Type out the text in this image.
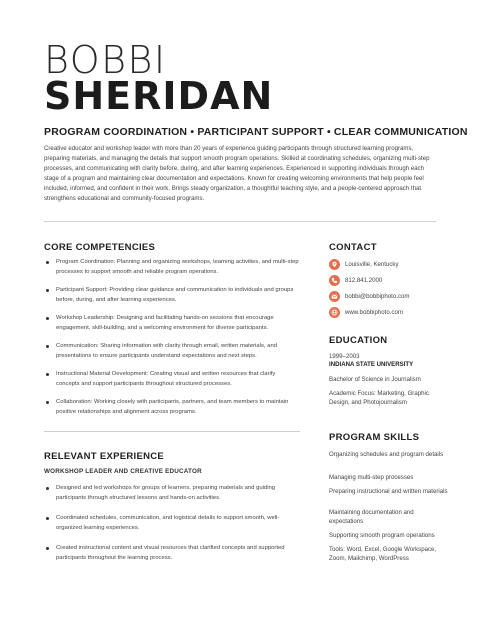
BOBBI
SHERIDAN
PROGRAM COORDINATION • PARTICIPANT SUPPORT • CLEAR COMMUNICATION
Creative educator and workshop leader with more than 20 years of experience guiding participants through structured learning programs, preparing materials, and managing the details that support smooth program operations. Skilled at coordinating schedules, organizing multi-step processes, and communicating with clarity before, during, and after learning experiences. Experienced in supporting individuals through each stage of a program and maintaining clear documentation and expectations. Known for creating welcoming environments that help people feel included, informed, and confident in their work. Brings steady organization, a thoughtful teaching style, and a people-centered approach that strengthens educational and community-focused programs.
CORE COMPETENCIES
Program Coordination: Planning and organizing workshops, learning activities, and multi-step processes to support smooth and reliable program operations.
Participant Support: Providing clear guidance and communication to individuals and groups before, during, and after learning experiences.
Workshop Leadership: Designing and facilitating hands-on sessions that encourage engagement, skill-building, and a welcoming environment for diverse participants.
Communication: Sharing information with clarity through email, written materials, and presentations to ensure participants understand expectations and next steps.
Instructional Material Development: Creating visual and written resources that clarify concepts and support participants throughout structured processes.
Collaboration: Working closely with participants, partners, and team members to maintain positive relationships and alignment across programs.
RELEVANT EXPERIENCE
WORKSHOP LEADER AND CREATIVE EDUCATOR
Designed and led workshops for groups of learners, preparing materials and guiding participants through structured lessons and hands-on activities.
Coordinated schedules, communication, and logistical details to support smooth, well-organized learning experiences.
Created instructional content and visual resources that clarified concepts and supported participants throughout the learning process.
CONTACT
Louisville, Kentucky
812.841.2000
bobbi@bobbiphoto.com
www.bobbiphoto.com
EDUCATION
1999–2003
INDIANA STATE UNIVERSITY
Bachelor of Science in Journalism
Academic Focus: Marketing, Graphic Design, and Photojournalism
PROGRAM SKILLS
Organizing schedules and program details
Managing multi-step processes
Preparing instructional and written materials
Maintaining documentation and expectations
Supporting smooth program operations
Tools: Word, Excel, Google Workspace, Zoom, Mailchimp, WordPress
